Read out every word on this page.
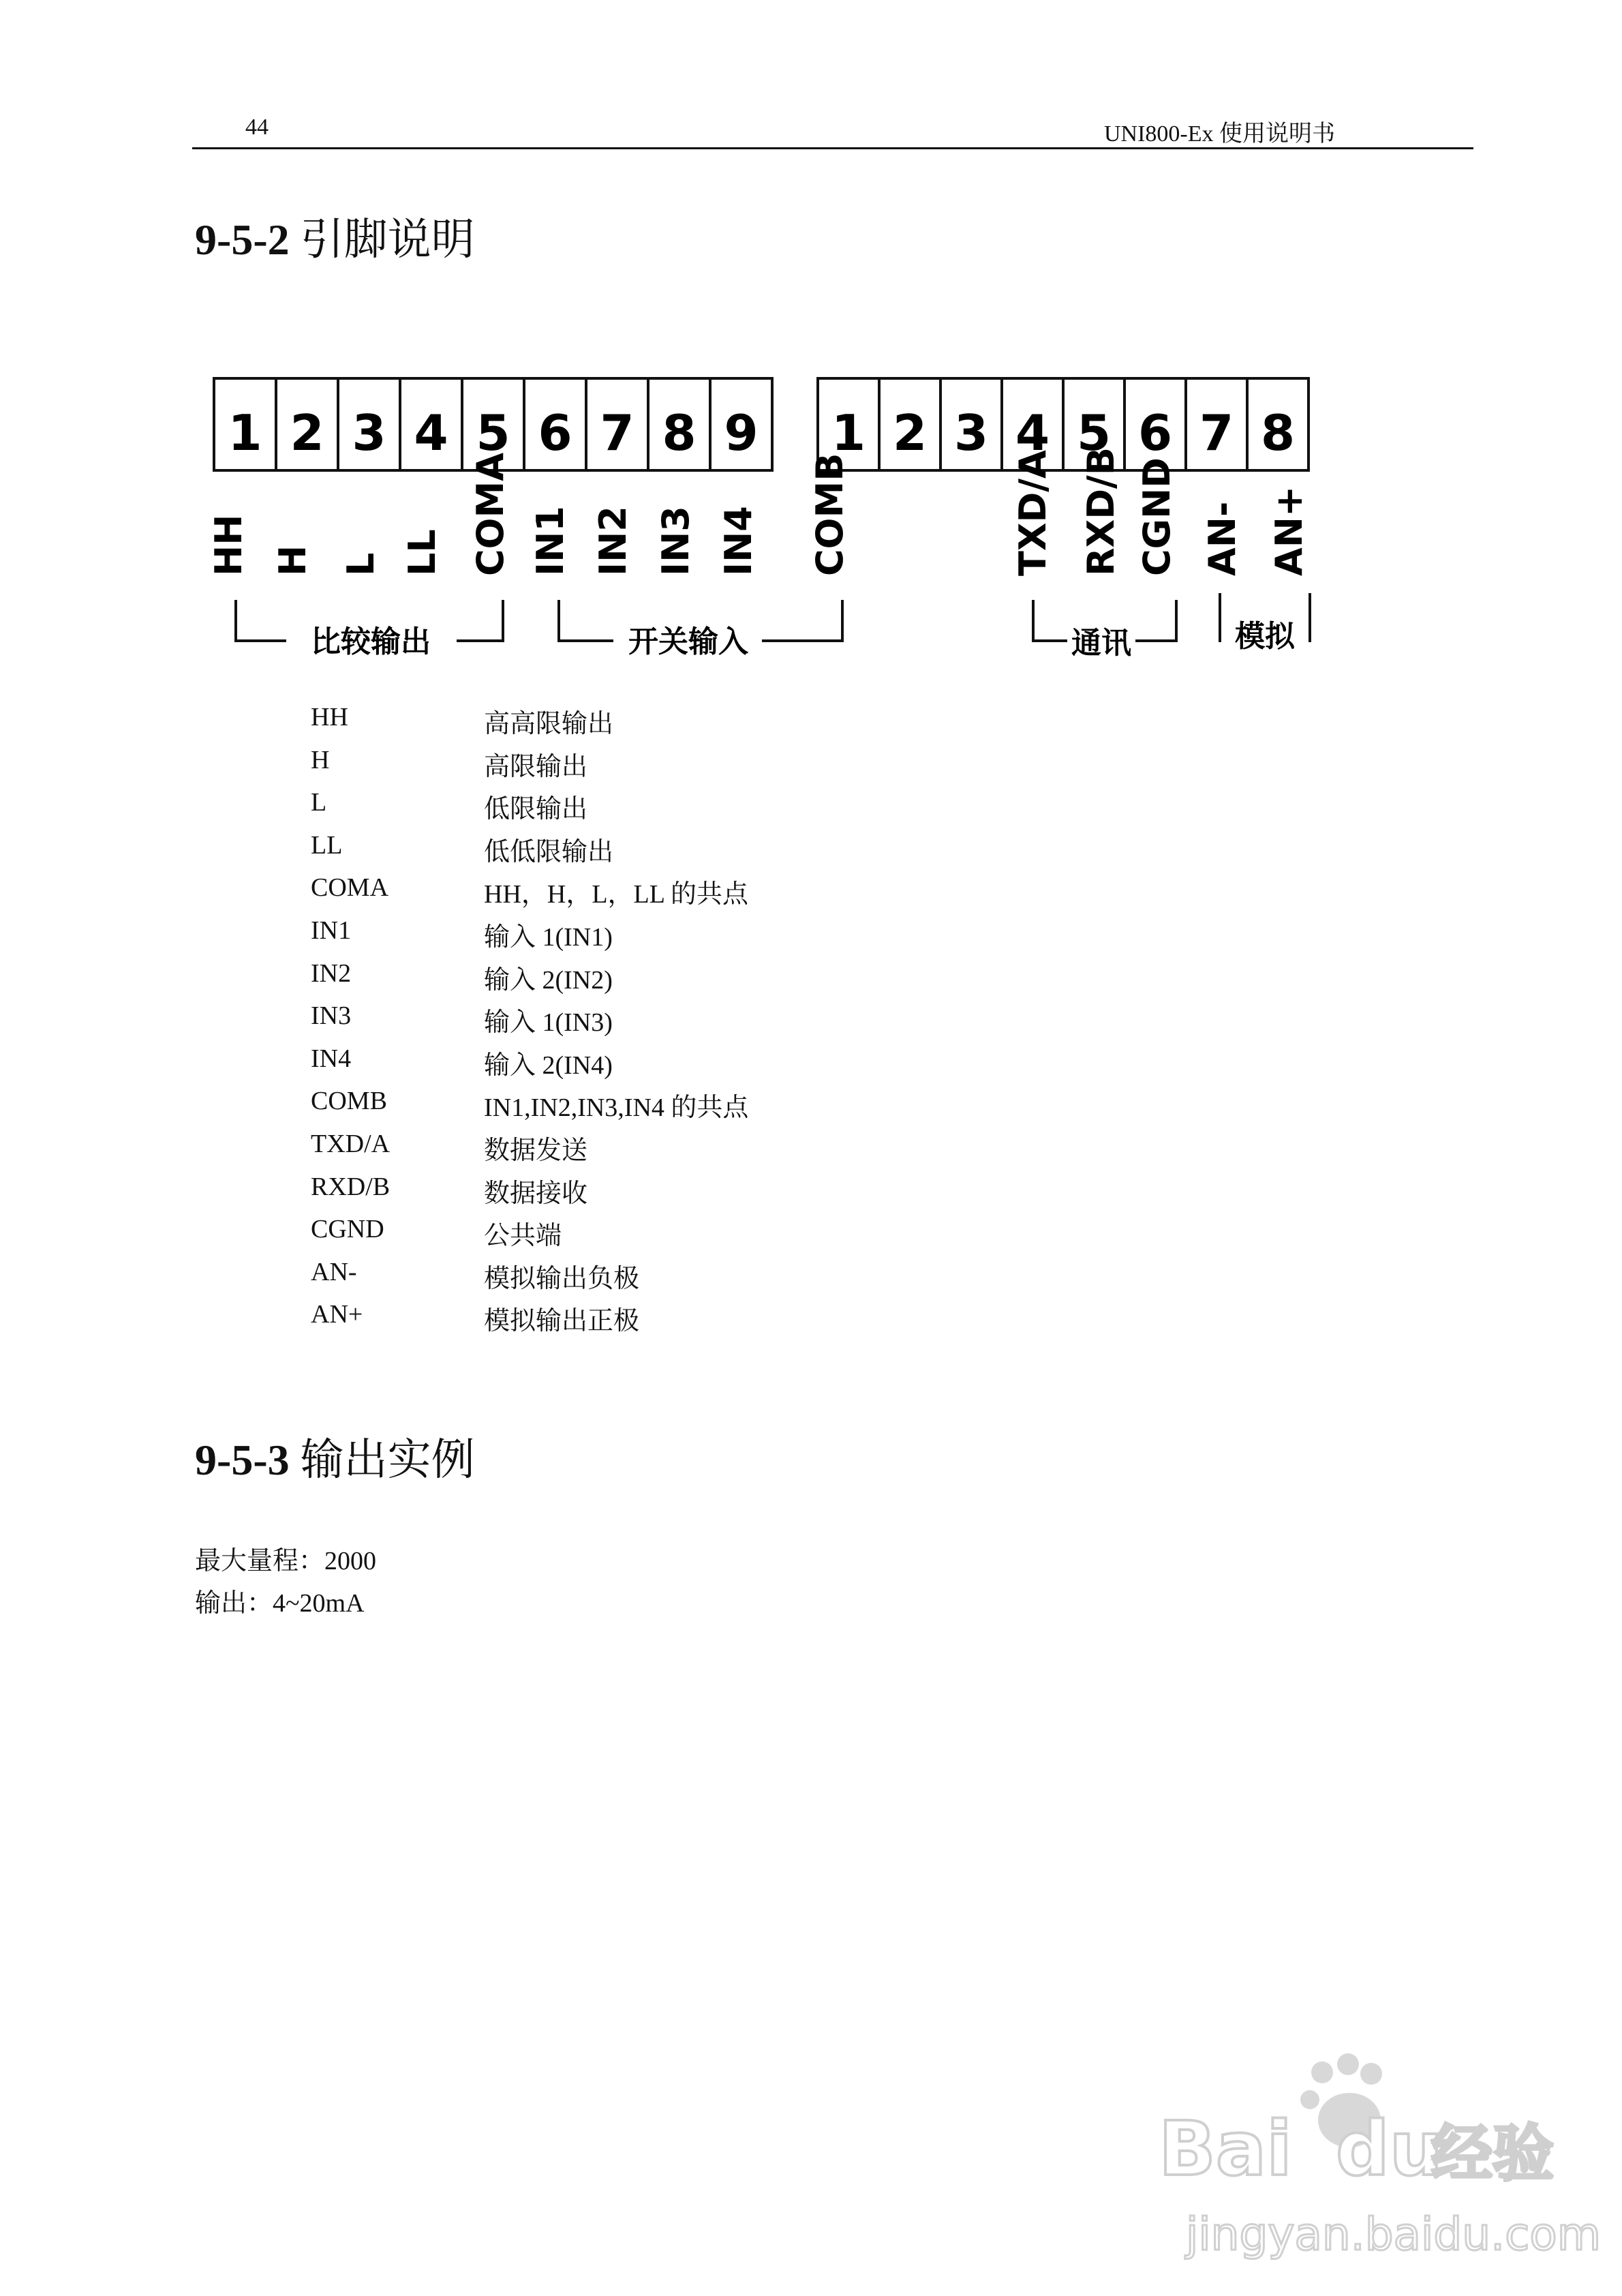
44	UNI800-Ex 使用说明书
9-5-2 引脚说明
1 2 3 4 5 6 7 8 9 1 2 3 4 5 6 7 8
HH H L LL COMA IN1 IN2 IN3 IN4 COMB	TXD/A RXD/B CGND AN- AN+
比较输出	开关输入	通讯	模拟
HH	高高限输出
H	高限输出
L	低限输出
LL	低低限输出
COMA	HH，H，L，LL 的共点
IN1	输入 1(IN1)
IN2	输入 2(IN2)
IN3	输入 1(IN3)
IN4	输入 2(IN4)
COMB	IN1,IN2,IN3,IN4 的共点
TXD/A	数据发送
RXD/B	数据接收
CGND	公共端
AN-	模拟输出负极
AN+	模拟输出正极
9-5-3 输出实例
最大量程：2000
输出：4~20mA
Bai du
经验
jingyan.baidu.com
